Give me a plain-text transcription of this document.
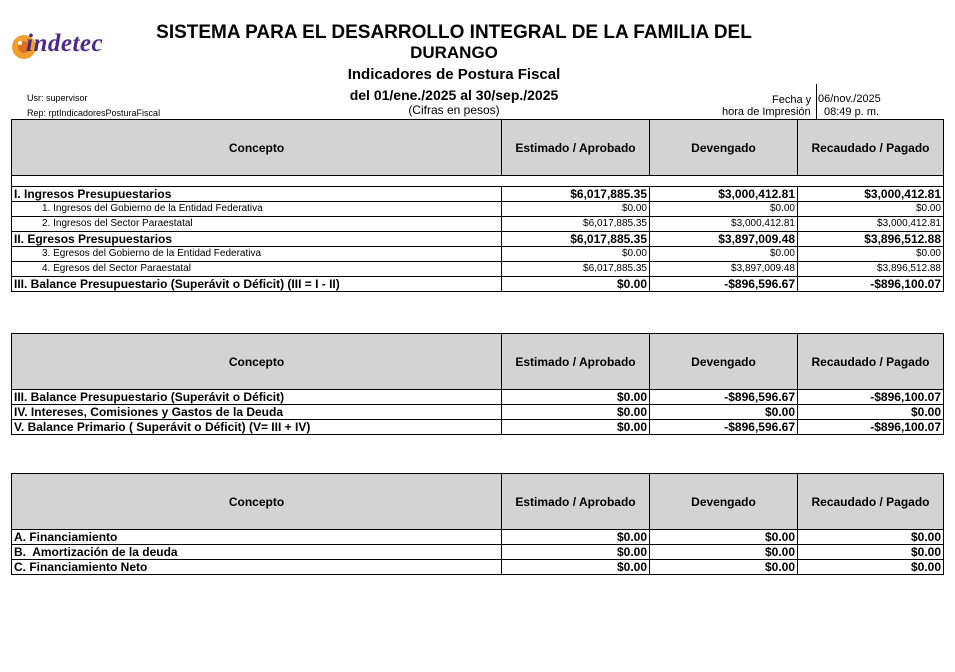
indetec	SISTEMA PARA EL DESARROLLO INTEGRAL DE LA FAMILIA DEL
DURANGO
Indicadores de Postura Fiscal
del 01/ene./2025 al 30/sep./2025
(Cifras en pesos)
Usr: supervisor
Rep: rptIndicadoresPosturaFiscal
Fecha y 06/nov./2025
hora de Impresión 08:49 p. m.
Concepto	Estimado / Aprobado	Devengado	Recaudado / Pagado

I. Ingresos Presupuestarios	$6,017,885.35	$3,000,412.81	$3,000,412.81
1. Ingresos del Gobierno de la Entidad Federativa	$0.00	$0.00	$0.00
2. Ingresos del Sector Paraestatal	$6,017,885.35	$3,000,412.81	$3,000,412.81
II. Egresos Presupuestarios	$6,017,885.35	$3,897,009.48	$3,896,512.88
3. Egresos del Gobierno de la Entidad Federativa	$0.00	$0.00	$0.00
4. Egresos del Sector Paraestatal	$6,017,885.35	$3,897,009.48	$3,896,512.88
III. Balance Presupuestario (Superávit o Déficit) (III = I - II)	$0.00	-$896,596.67	-$896,100.07
Concepto	Estimado / Aprobado	Devengado	Recaudado / Pagado
III. Balance Presupuestario (Superávit o Déficit)	$0.00	-$896,596.67	-$896,100.07
IV. Intereses, Comisiones y Gastos de la Deuda	$0.00	$0.00	$0.00
V. Balance Primario ( Superávit o Déficit) (V= III + IV)	$0.00	-$896,596.67	-$896,100.07
Concepto	Estimado / Aprobado	Devengado	Recaudado / Pagado
A. Financiamiento	$0.00	$0.00	$0.00
B.  Amortización de la deuda	$0.00	$0.00	$0.00
C. Financiamiento Neto	$0.00	$0.00	$0.00
